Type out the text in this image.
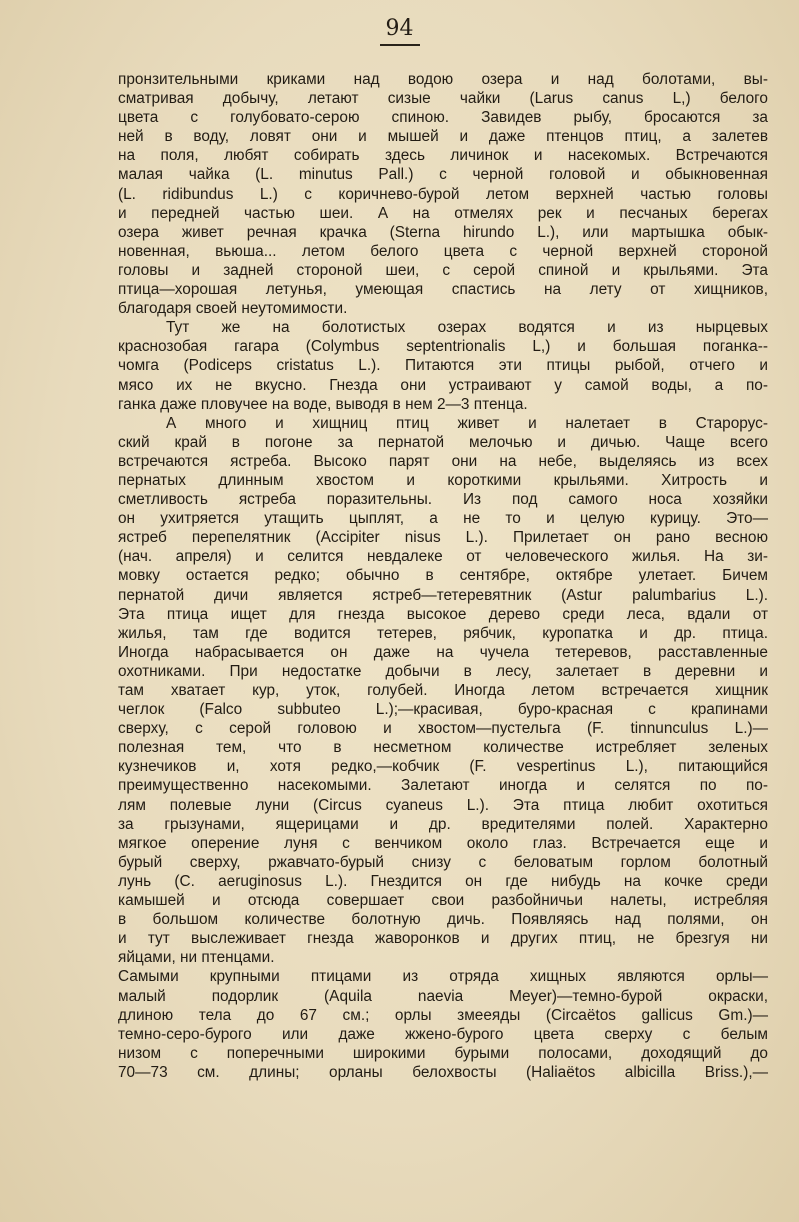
94

пронзительными криками над водою озера и над болотами, вы-

сматривая добычу, летают сизые чайки (Larus canus L,) белого

цвета с голубовато-серою спиною. Завидев рыбу, бросаются за

ней в воду, ловят они и мышей и даже птенцов птиц, а залетев

на поля, любят собирать здесь личинок и насекомых. Встречаются

малая чайка (L. minutus Pall.) с черной головой и обыкновенная

(L. ridibundus L.) с коричнево-бурой летом верхней частью головы

и передней частью шеи. А на отмелях рек и песчаных берегах

озера живет речная крачка (Sterna hirundo L.), или мартышка обык-

новенная, вьюша... летом белого цвета с черной верхней стороной

головы и задней стороной шеи, с серой спиной и крыльями. Эта

птица—хорошая летунья, умеющая спастись на лету от хищников,

благодаря своей неутомимости.

Тут же на болотистых озерах водятся и из нырцевых

краснозобая гагара (Colymbus septentrionalis L,) и большая поганка--

чомга (Podiceps cristatus L.). Питаются эти птицы рыбой, отчего и

мясо их не вкусно. Гнезда они устраивают у самой воды, а по-

ганка даже пловучее на воде, выводя в нем 2—3 птенца.

А много и хищниц птиц живет и налетает в Старорус-

ский край в погоне за пернатой мелочью и дичью. Чаще всего

встречаются ястреба. Высоко парят они на небе, выделяясь из всех

пернатых длинным хвостом и короткими крыльями. Хитрость и

сметливость ястреба поразительны. Из под самого носа хозяйки

он ухитряется утащить цыплят, а не то и целую курицу. Это—

ястреб перепелятник (Accipiter nisus L.). Прилетает он рано весною

(нач. апреля) и селится невдалеке от человеческого жилья. На зи-

мовку остается редко; обычно в сентябре, октябре улетает. Бичем

пернатой дичи является ястреб—тетеревятник (Astur palumbarius L.).

Эта птица ищет для гнезда высокое дерево среди леса, вдали от

жилья, там где водится тетерев, рябчик, куропатка и др. птица.

Иногда набрасывается он даже на чучела тетеревов, расставленные

охотниками. При недостатке добычи в лесу, залетает в деревни и

там хватает кур, уток, голубей. Иногда летом встречается хищник

чеглок (Falco subbuteo L.);—красивая, буро-красная с крапинами

сверху, с серой головою и хвостом—пустельга (F. tinnunculus L.)—

полезная тем, что в несметном количестве истребляет зеленых

кузнечиков и, хотя редко,—кобчик (F. vespertinus L.), питающийся

преимущественно насекомыми. Залетают иногда и селятся по по-

лям полевые луни (Circus cyaneus L.). Эта птица любит охотиться

за грызунами, ящерицами и др. вредителями полей. Характерно

мягкое оперение луня с венчиком около глаз. Встречается еще и

бурый сверху, ржавчато-бурый снизу с беловатым горлом болотный

лунь (C. aeruginosus L.). Гнездится он где нибудь на кочке среди

камышей и отсюда совершает свои разбойничьи налеты, истребляя

в большом количестве болотную дичь. Появляясь над полями, он

и тут выслеживает гнезда жаворонков и других птиц, не брезгуя ни

яйцами, ни птенцами.

Самыми крупными птицами из отряда хищных являются орлы—

малый подорлик (Aquila naevia Meyer)—темно-бурой окраски,

длиною тела до 67 см.; орлы змееяды (Circaëtos gallicus Gm.)—

темно-серо-бурого или даже жжено-бурого цвета сверху с белым

низом с поперечными широкими бурыми полосами, доходящий до

70—73 см. длины; орланы белохвосты (Haliaëtos albicilla Briss.),—
